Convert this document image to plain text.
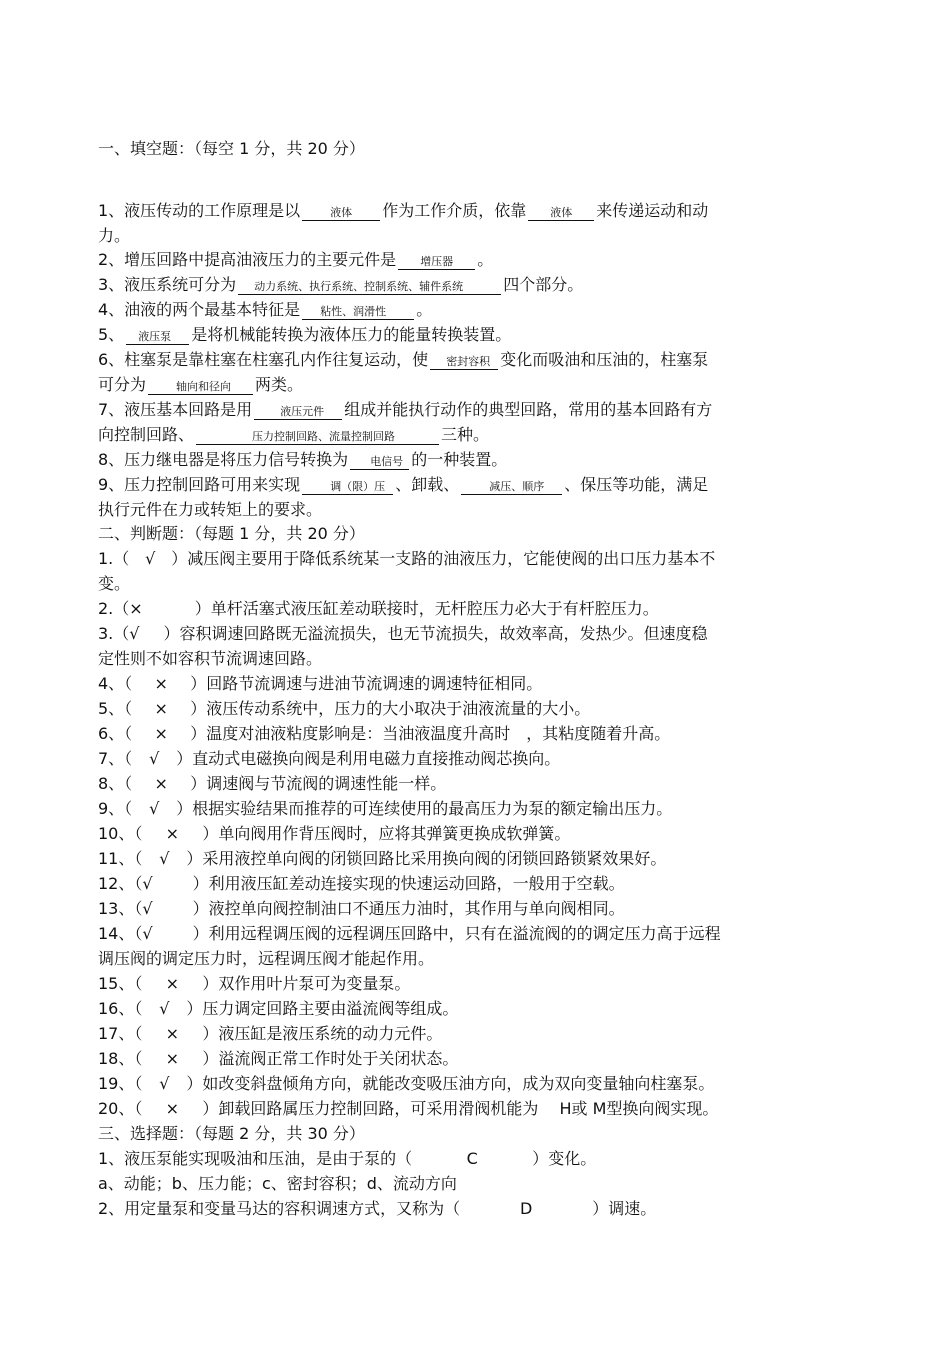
一、填空题：（每空 1 分，共 20 分）
1、液压传动的工作原理是以	液体 作为工作介质，依靠 液体 来传递运动和动
力。
2、增压回路中提高油液压力的主要元件是 增压器 。
3、液压系统可分为 动力系统、执行系统、控制系统、辅件系统	四个部分。
4、油液的两个最基本特征是 粘性、润滑性 。
5、 液压泵 是将机械能转换为液体压力的能量转换装置。
6、柱塞泵是靠柱塞在柱塞孔内作往复运动，使 密封容积 变化而吸油和压油的，柱塞泵
可分为	轴向和径向 两类。
7、液压基本回路是用	液压元件 组成并能执行动作的典型回路，常用的基本回路有方
向控制回路、	压力控制回路、流量控制回路	三种。
8、压力继电器是将压力信号转换为 电信号 的一种装置。
9、压力控制回路可用来实现	调（限）压 、卸载、	减压、顺序 、保压等功能，满足
执行元件在力或转矩上的要求。
二、判断题：（每题 1 分，共 20 分）
1.（ √ ）减压阀主要用于降低系统某一支路的油液压力，它能使阀的出口压力基本不
变。
2.（×	）单杆活塞式液压缸差动联接时，无杆腔压力必大于有杆腔压力。
3.（√ ）容积调速回路既无溢流损失，也无节流损失，故效率高，发热少。但速度稳
定性则不如容积节流调速回路。
4、（ × ）回路节流调速与进油节流调速的调速特征相同。
5、（ × ）液压传动系统中，压力的大小取决于油液流量的大小。
6、（ × ）温度对油液粘度影响是：当油液温度升高时　，其粘度随着升高。
7、（ √ ）直动式电磁换向阀是利用电磁力直接推动阀芯换向。
8、（ × ）调速阀与节流阀的调速性能一样。
9、（ √ ）根据实验结果而推荐的可连续使用的最高压力为泵的额定输出压力。
10、（ × ）单向阀用作背压阀时，应将其弹簧更换成软弹簧。
11、（ √ ）采用液控单向阀的闭锁回路比采用换向阀的闭锁回路锁紧效果好。
12、（√	）利用液压缸差动连接实现的快速运动回路，一般用于空载。
13、（√	）液控单向阀控制油口不通压力油时，其作用与单向阀相同。
14、（√	）利用远程调压阀的远程调压回路中，只有在溢流阀的的调定压力高于远程
调压阀的调定压力时，远程调压阀才能起作用。
15、（ × ）双作用叶片泵可为变量泵。
16、（ √ ）压力调定回路主要由溢流阀等组成。
17、（ × ）液压缸是液压系统的动力元件。
18、（ × ）溢流阀正常工作时处于关闭状态。
19、（ √ ）如改变斜盘倾角方向，就能改变吸压油方向，成为双向变量轴向柱塞泵。
20、（ × ）卸载回路属压力控制回路，可采用滑阀机能为　 H或 M型换向阀实现。
三、选择题：（每题 2 分，共 30 分）
1、液压泵能实现吸油和压油，是由于泵的（	C	）变化。
a、动能；b、压力能；c、密封容积；d、流动方向
2、用定量泵和变量马达的容积调速方式，又称为（	D	）调速。
